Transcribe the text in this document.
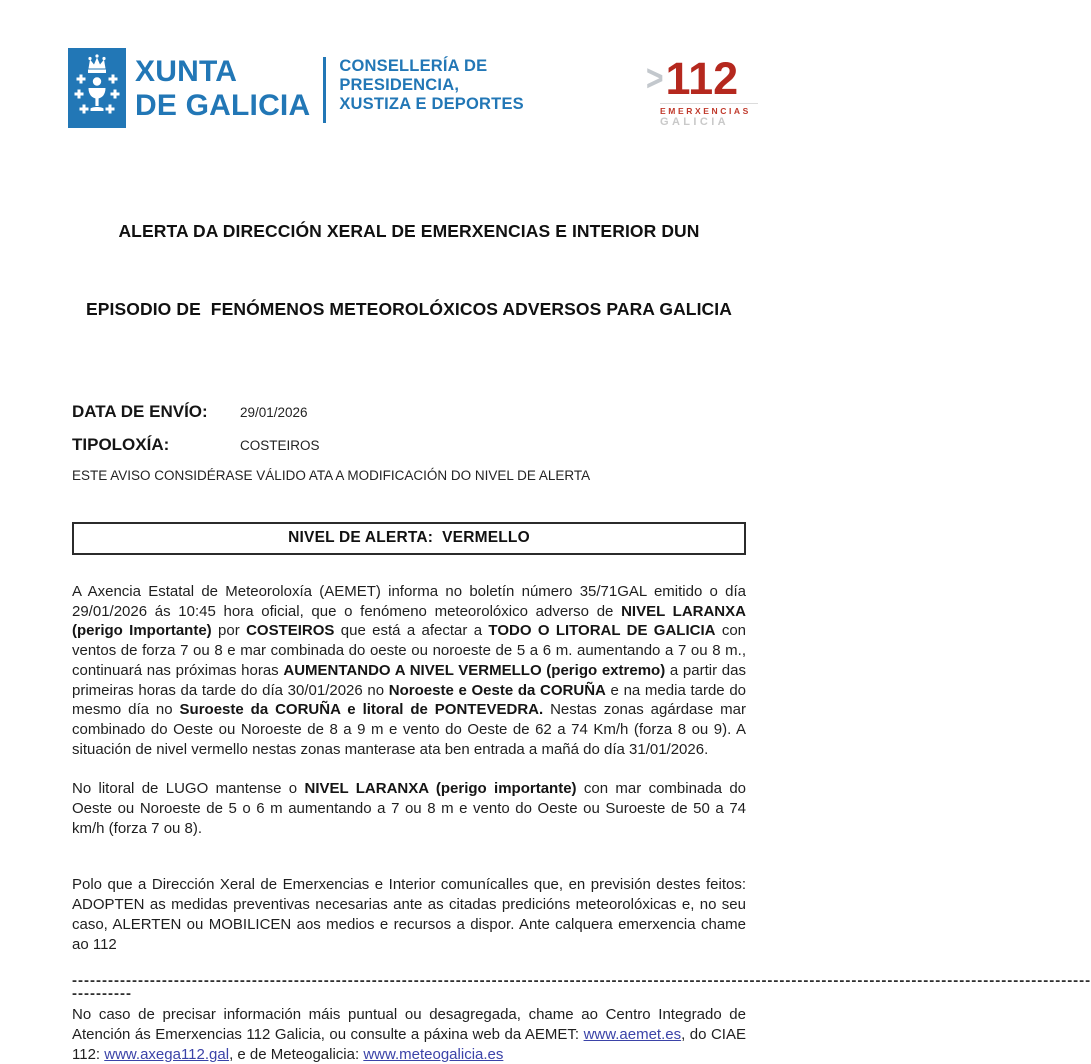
XUNTA
DE GALICIA
CONSELLERÍA DE
PRESIDENCIA,
XUSTIZA E DEPORTES
> 112
EMERXENCIAS
GALICIA

ALERTA DA DIRECCIÓN XERAL DE EMERXENCIAS E INTERIOR DUN

EPISODIO DE  FENÓMENOS METEOROLÓXICOS ADVERSOS PARA GALICIA

DATA DE ENVÍO:	29/01/2026
TIPOLOXÍA:	COSTEIROS
ESTE AVISO CONSIDÉRASE VÁLIDO ATA A MODIFICACIÓN DO NIVEL DE ALERTA
NIVEL DE ALERTA:  VERMELLO

A Axencia Estatal de Meteoroloxía (AEMET) informa no boletín número 35/71GAL emitido o día 29/01/2026 ás 10:45 hora oficial, que o fenómeno meteorolóxico adverso de NIVEL LARANXA (perigo Importante) por COSTEIROS que está a afectar a TODO O LITORAL DE GALICIA con ventos de forza 7 ou 8 e mar combinada do oeste ou noroeste de 5 a 6 m. aumentando a 7 ou 8 m., continuará nas próximas horas AUMENTANDO A NIVEL VERMELLO (perigo extremo) a partir das primeiras horas da tarde do día 30/01/2026 no Noroeste e Oeste da CORUÑA e na media tarde do mesmo día no Suroeste da CORUÑA e litoral de PONTEVEDRA. Nestas zonas agárdase mar combinado do Oeste ou Noroeste de 8 a 9 m e vento do Oeste de 62 a 74 Km/h (forza 8 ou 9). A situación de nivel vermello nestas zonas manterase ata ben entrada a mañá do día 31/01/2026.

No litoral de LUGO mantense o NIVEL LARANXA (perigo importante) con mar combinada do Oeste ou Noroeste de 5 o 6 m aumentando a 7 ou 8 m e vento do Oeste ou Suroeste de 50 a 74 km/h (forza 7 ou 8).

Polo que a Dirección Xeral de Emerxencias e Interior comunícalles que, en previsión destes feitos: ADOPTEN as medidas preventivas necesarias ante as citadas predicións meteorolóxicas e, no seu caso, ALERTEN ou MOBILICEN aos medios e recursos a dispor. Ante calquera emerxencia chame ao 112

--------------------------------------------------------------------------------------------------------------------------------------------------------------------------
----------

No caso de precisar información máis puntual ou desagregada, chame ao Centro Integrado de Atención ás Emerxencias 112 Galicia, ou consulte a páxina web da AEMET: www.aemet.es, do CIAE 112: www.axega112.gal, e de Meteogalicia: www.meteogalicia.es
